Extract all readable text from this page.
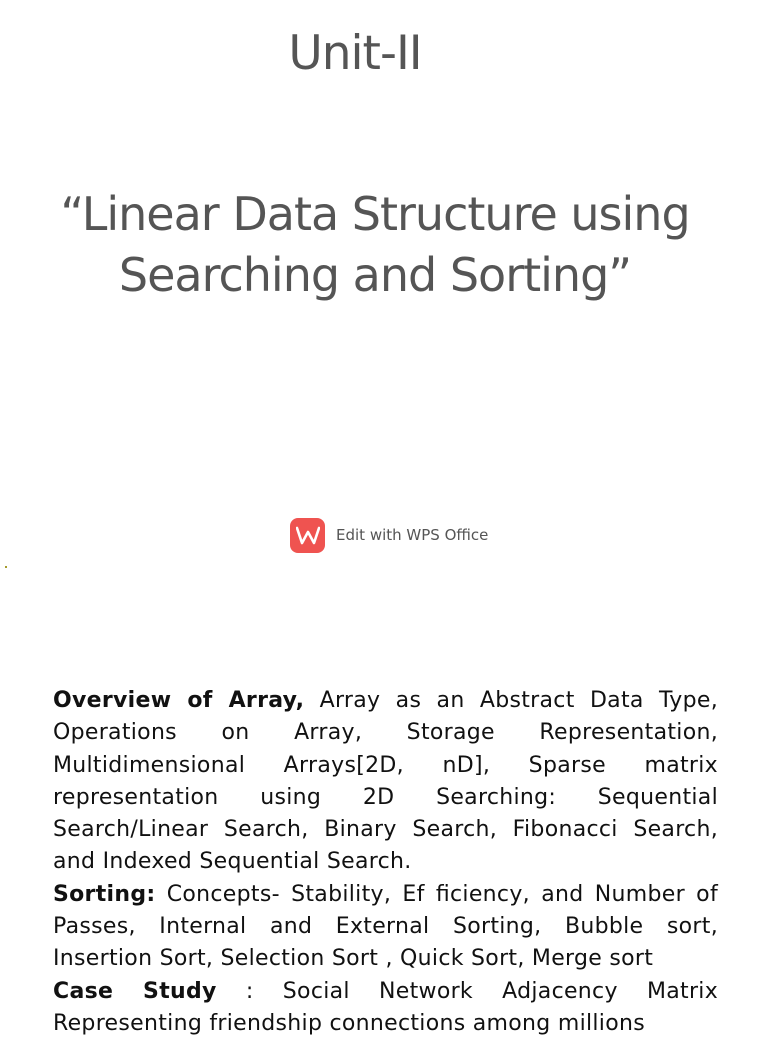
Unit-II
“Linear Data Structure using Searching and Sorting”
Edit with WPS Office

Overview of Array, Array as an Abstract Data Type, Operations on Array, Storage Representation, Multidimensional Arrays[2D, nD], Sparse matrix representation using 2D Searching: Sequential Search/Linear Search, Binary Search, Fibonacci Search, and Indexed Sequential Search.

Sorting: Concepts- Stability, Ef ﬁciency, and Number of Passes, Internal and External Sorting, Bubble sort, Insertion Sort, Selection Sort , Quick Sort, Merge sort

Case Study : Social Network Adjacency Matrix Representing friendship connections among millions
